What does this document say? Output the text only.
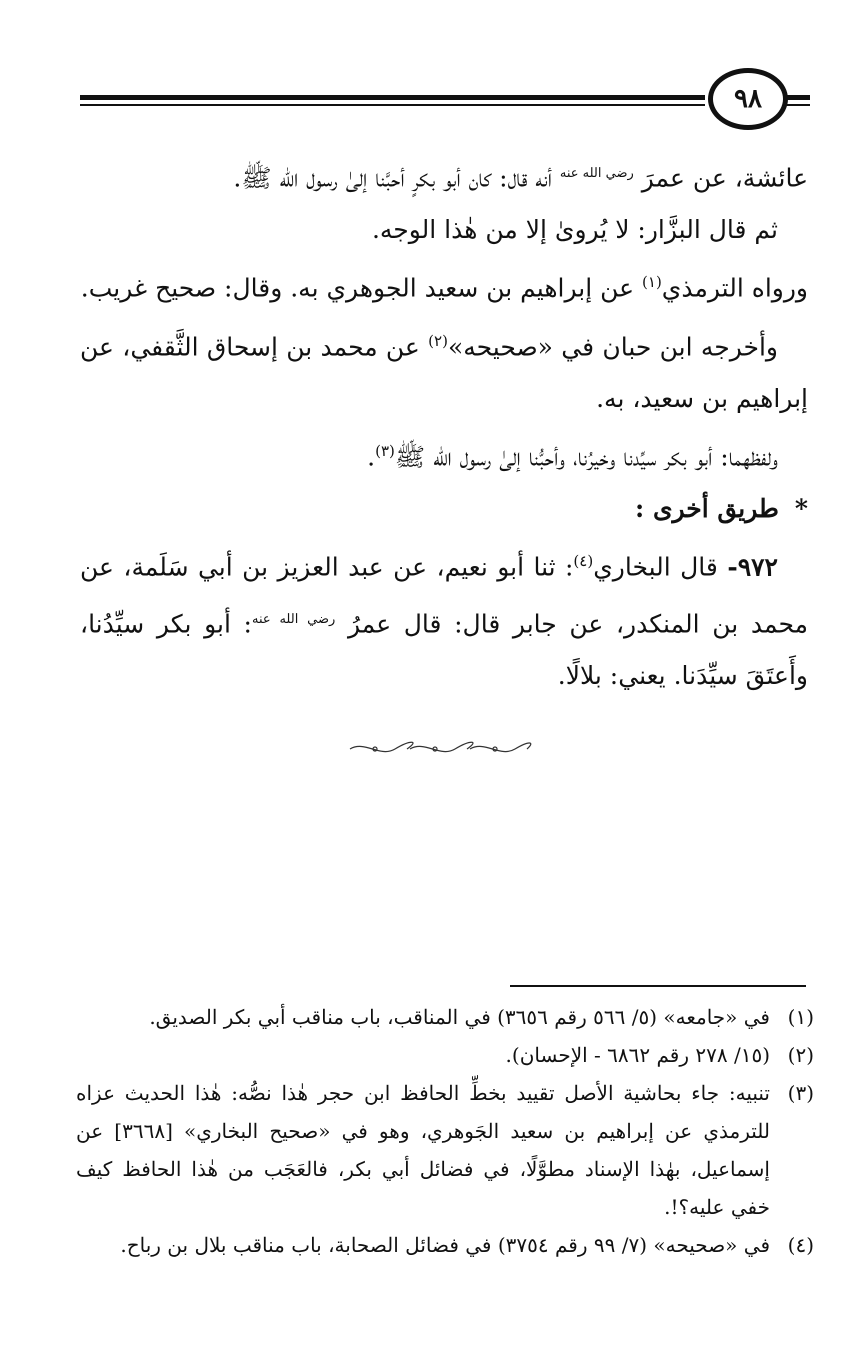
٩٨

عائشة، عن عمرَ $^{رضي الله عنه}$ أنه قال: كان أبو بكرٍ أحبَّنا إلىٰ رسول الله ﷺ.

ثم قال البزَّار: لا يُروىٰ إلا من هٰذا الوجه.

ورواه الترمذي$^{(١)}$ عن إبراهيم بن سعيد الجوهري به. وقال: صحيح غريب.

وأخرجه ابن حبان في «صحيحه»$^{(٢)}$ عن محمد بن إسحاق الثَّقفي، عن إبراهيم بن سعيد، به.

ولفظهما: أبو بكر سيِّدنا وخيرُنا، وأحبُّنا إلىٰ رسول الله ﷺ$^{(٣)}$.

*طريق أخرى :

٩٧٢- قال البخاري$^{(٤)}$: ثنا أبو نعيم، عن عبد العزيز بن أبي سَلَمة، عن محمد بن المنكدر، عن جابر قال: قال عمرُ $^{رضي الله عنه}$: أبو بكر سيِّدُنا، وأَعتَقَ سيِّدَنا. يعني: بلالًا.

(١)
في «جامعه» (٥/ ٥٦٦ رقم ٣٦٥٦) في المناقب، باب مناقب أبي بكر الصديق.
(٢)
(١٥/ ٢٧٨ رقم ٦٨٦٢ - الإحسان).
(٣)
تنبيه: جاء بحاشية الأصل تقييد بخطِّ الحافظ ابن حجر هٰذا نصُّه: هٰذا الحديث عزاه للترمذي عن إبراهيم بن سعيد الجَوهري، وهو في «صحيح البخاري» [٣٦٦٨] عن إسماعيل، بهٰذا الإسناد مطوَّلًا، في فضائل أبي بكر، فالعَجَب من هٰذا الحافظ كيف خفي عليه؟!.
(٤)
في «صحيحه» (٧/ ٩٩ رقم ٣٧٥٤) في فضائل الصحابة، باب مناقب بلال بن رباح.
